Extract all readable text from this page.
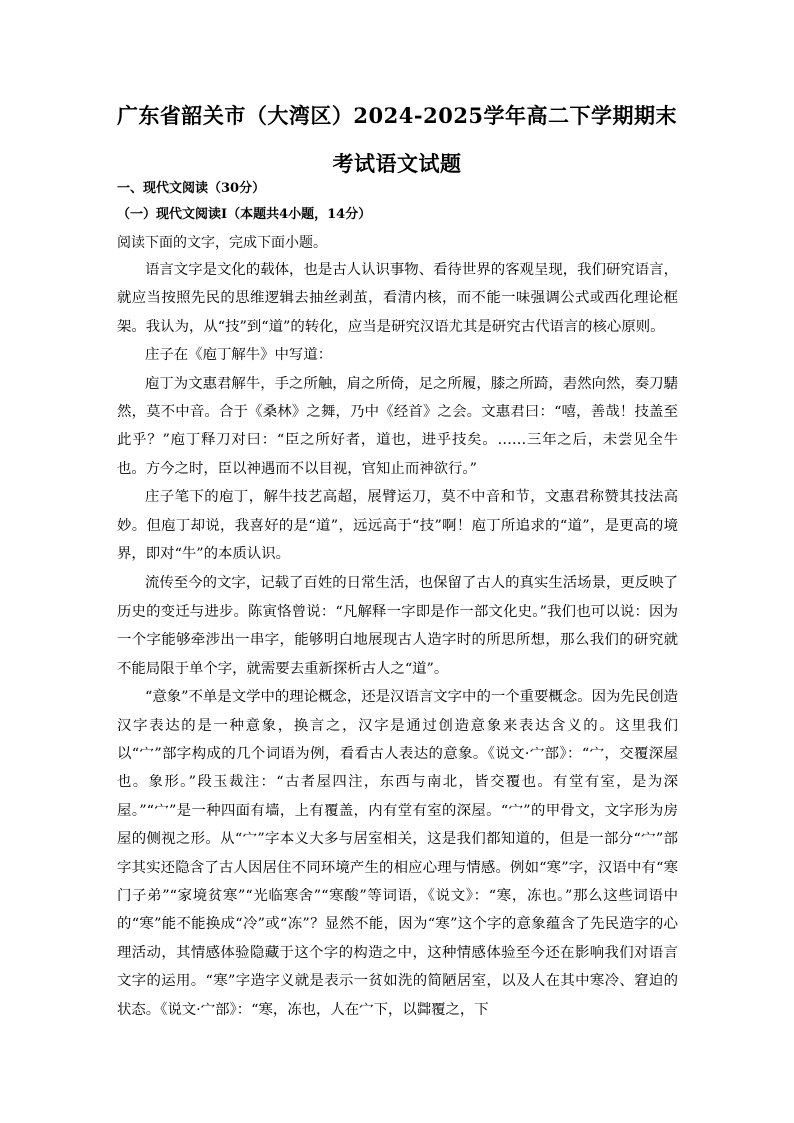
广东省韶关市（大湾区）2024-2025学年高二下学期期末
考试语文试题

一、现代文阅读（30分）

（一）现代文阅读Ⅰ（本题共4小题，14分）

阅读下面的文字，完成下面小题。

语言文字是文化的载体，也是古人认识事物、看待世界的客观呈现，我们研究语言，就应当按照先民的思维逻辑去抽丝剥茧，看清内核，而不能一味强调公式或西化理论框架。我认为，从“技”到“道”的转化，应当是研究汉语尤其是研究古代语言的核心原则。

庄子在《庖丁解牛》中写道：

庖丁为文惠君解牛，手之所触，肩之所倚，足之所履，膝之所踦，砉然向然，奏刀騞然，莫不中音。合于《桑林》之舞，乃中《经首》之会。文惠君曰：“嘻，善哉！技盖至此乎？”庖丁释刀对曰：“臣之所好者，道也，进乎技矣。……三年之后，未尝见全牛也。方今之时，臣以神遇而不以目视，官知止而神欲行。”

庄子笔下的庖丁，解牛技艺高超，展臂运刀，莫不中音和节，文惠君称赞其技法高妙。但庖丁却说，我喜好的是“道”，远远高于“技”啊！庖丁所追求的“道”，是更高的境界，即对“牛”的本质认识。

流传至今的文字，记载了百姓的日常生活，也保留了古人的真实生活场景，更反映了历史的变迁与进步。陈寅恪曾说：“凡解释一字即是作一部文化史。”我们也可以说：因为一个字能够牵涉出一串字，能够明白地展现古人造字时的所思所想，那么我们的研究就不能局限于单个字，就需要去重新探析古人之“道”。

“意象”不单是文学中的理论概念，还是汉语言文字中的一个重要概念。因为先民创造汉字表达的是一种意象，换言之，汉字是通过创造意象来表达含义的。这里我们以“宀”部字构成的几个词语为例，看看古人表达的意象。《说文·宀部》：“宀，交覆深屋也。象形。”段玉裁注：“古者屋四注，东西与南北，皆交覆也。有堂有室，是为深屋。”“宀”是一种四面有墙，上有覆盖，内有堂有室的深屋。“宀”的甲骨文，文字形为房屋的侧视之形。从“宀”字本义大多与居室相关，这是我们都知道的，但是一部分“宀”部字其实还隐含了古人因居住不同环境产生的相应心理与情感。例如“寒”字，汉语中有“寒门子弟”“家境贫寒”“光临寒舍”“寒酸”等词语，《说文》：“寒，冻也。”那么这些词语中的“寒”能不能换成“冷”或“冻”？显然不能，因为“寒”这个字的意象蕴含了先民造字的心理活动，其情感体验隐藏于这个字的构造之中，这种情感体验至今还在影响我们对语言文字的运用。“寒”字造字义就是表示一贫如洗的简陋居室，以及人在其中寒冷、窘迫的状态。《说文·宀部》：“寒，冻也，人在宀下，以茻覆之，下
